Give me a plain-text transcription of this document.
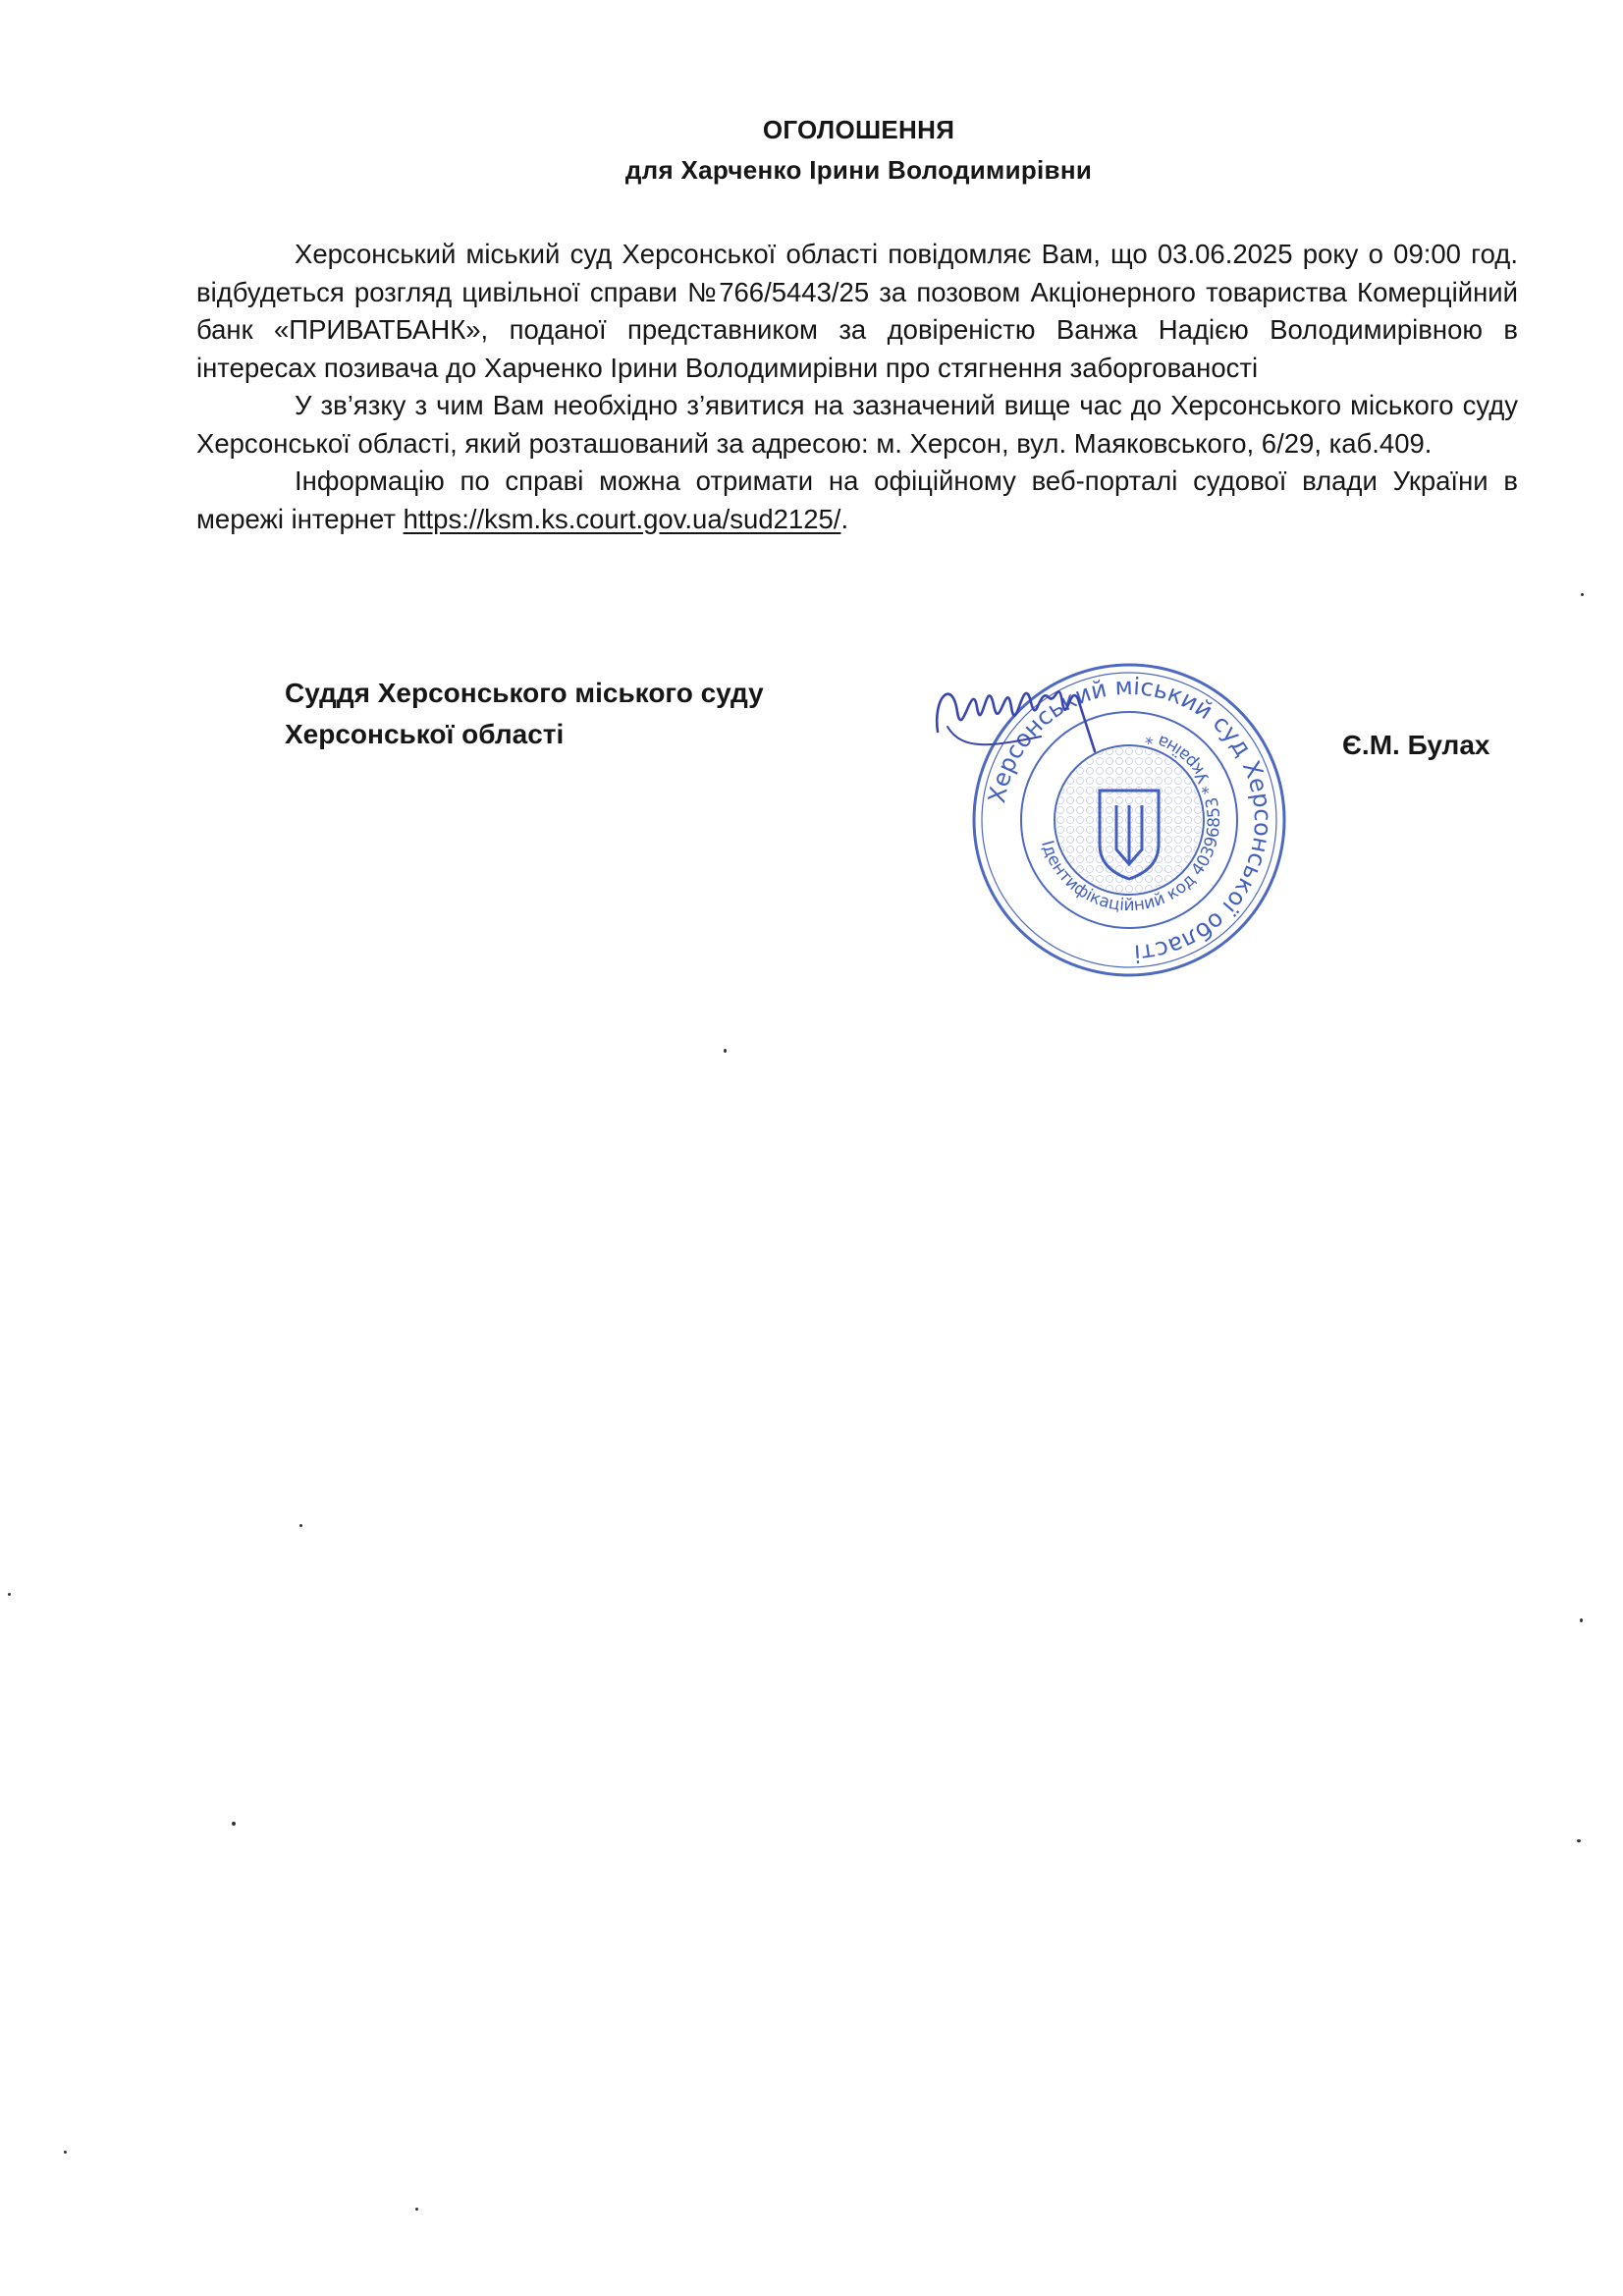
ОГОЛОШЕННЯ
для Харченко Ірини Володимирівни

Херсонський міський суд Херсонської області повідомляє Вам, що 03.06.2025 року о 09:00 год. відбудеться розгляд цивільної справи №766/5443/25 за позовом Акціонерного товариства Комерційний банк «ПРИВАТБАНК», поданої представником за довіреністю Ванжа Надією Володимирівною в інтересах позивача до Харченко Ірини Володимирівни про стягнення заборгованості

У зв’язку з чим Вам необхідно з’явитися на зазначений вище час до Херсонського міського суду Херсонської області, який розташований за адресою: м. Херсон, вул. Маяковського, 6/29, каб.409.

Інформацію по справі можна отримати на офіційному веб-порталі судової влади України в мережі інтернет https://ksm.ks.court.gov.ua/sud2125/.

Суддя Херсонського міського суду
Херсонської області
Херсонський міський суд Херсонської області
Ідентифікаційний код 40396853 * Україна *	Є.М. Булах
